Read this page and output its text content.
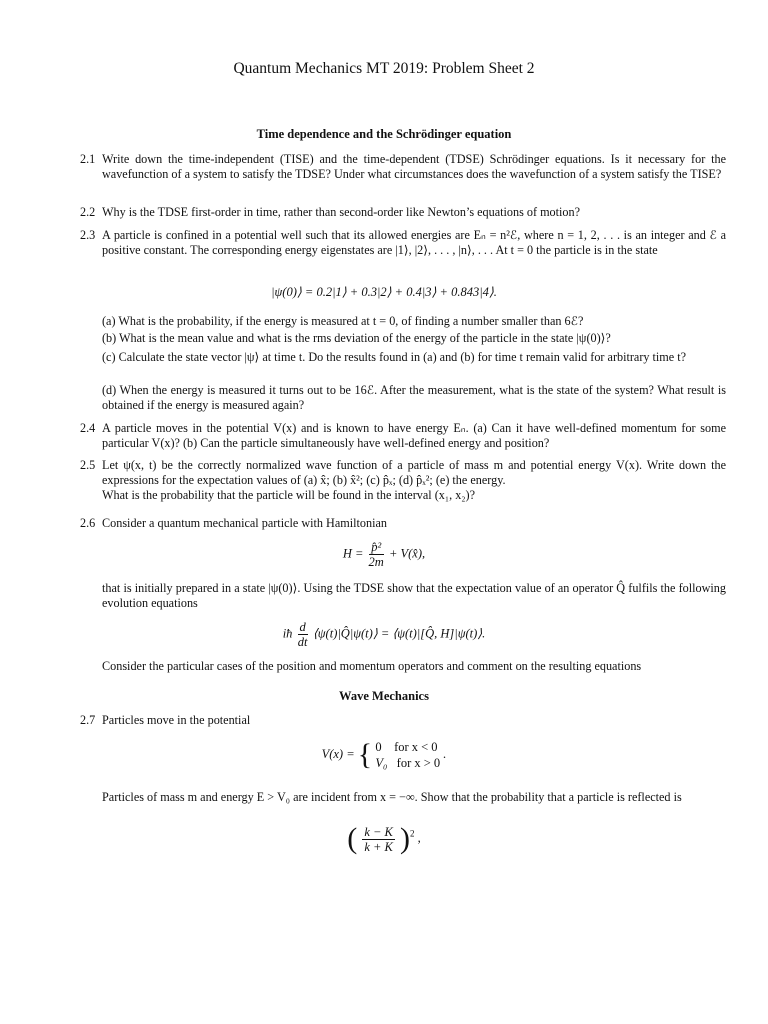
Quantum Mechanics MT 2019: Problem Sheet 2
Time dependence and the Schrödinger equation
2.1 Write down the time-independent (TISE) and the time-dependent (TDSE) Schrödinger equations. Is it necessary for the wavefunction of a system to satisfy the TDSE? Under what circumstances does the wavefunction of a system satisfy the TISE?
2.2 Why is the TDSE first-order in time, rather than second-order like Newton’s equations of motion?
2.3 A particle is confined in a potential well such that its allowed energies are Eₙ = n²ℰ, where n = 1, 2, . . . is an integer and ℰ a positive constant. The corresponding energy eigenstates are |1⟩, |2⟩, . . . , |n⟩, . . . At t = 0 the particle is in the state
|ψ(0)⟩ = 0.2|1⟩ + 0.3|2⟩ + 0.4|3⟩ + 0.843|4⟩.
(a) What is the probability, if the energy is measured at t = 0, of finding a number smaller than 6ℰ?
(b) What is the mean value and what is the rms deviation of the energy of the particle in the state |ψ(0)⟩?
(c) Calculate the state vector |ψ⟩ at time t. Do the results found in (a) and (b) for time t remain valid for arbitrary time t?
(d) When the energy is measured it turns out to be 16ℰ. After the measurement, what is the state of the system? What result is obtained if the energy is measured again?
2.4 A particle moves in the potential V(x) and is known to have energy Eₙ. (a) Can it have well-defined momentum for some particular V(x)? (b) Can the particle simultaneously have well-defined energy and position?
2.5 Let ψ(x, t) be the correctly normalized wave function of a particle of mass m and potential energy V(x). Write down the expressions for the expectation values of (a) x̂; (b) x̂²; (c) p̂ₓ; (d) p̂ₓ²; (e) the energy.
What is the probability that the particle will be found in the interval (x₁, x₂)?
2.6 Consider a quantum mechanical particle with Hamiltonian
$H = \frac{\text{p̂²}}{2m}$ + V(x̂),
that is initially prepared in a state |ψ(0)⟩. Using the TDSE show that the expectation value of an operator Q̂ fulfils the following evolution equations
iħ $\frac{d}{dt}$ ⟨ψ(t)|Q̂|ψ(t)⟩ = ⟨ψ(t)|[Q̂, H]|ψ(t)⟩.
Consider the particular cases of the position and momentum operators and comment on the resulting equations
Wave Mechanics
2.7 Particles move in the potential
V(x) = { 0 for x < 0
V₀ for x > 0 .
Particles of mass m and energy E > V₀ are incident from x = −∞. Show that the probability that a particle is reflected is
( $\frac{k - K}{k + K} )^2$ ,
